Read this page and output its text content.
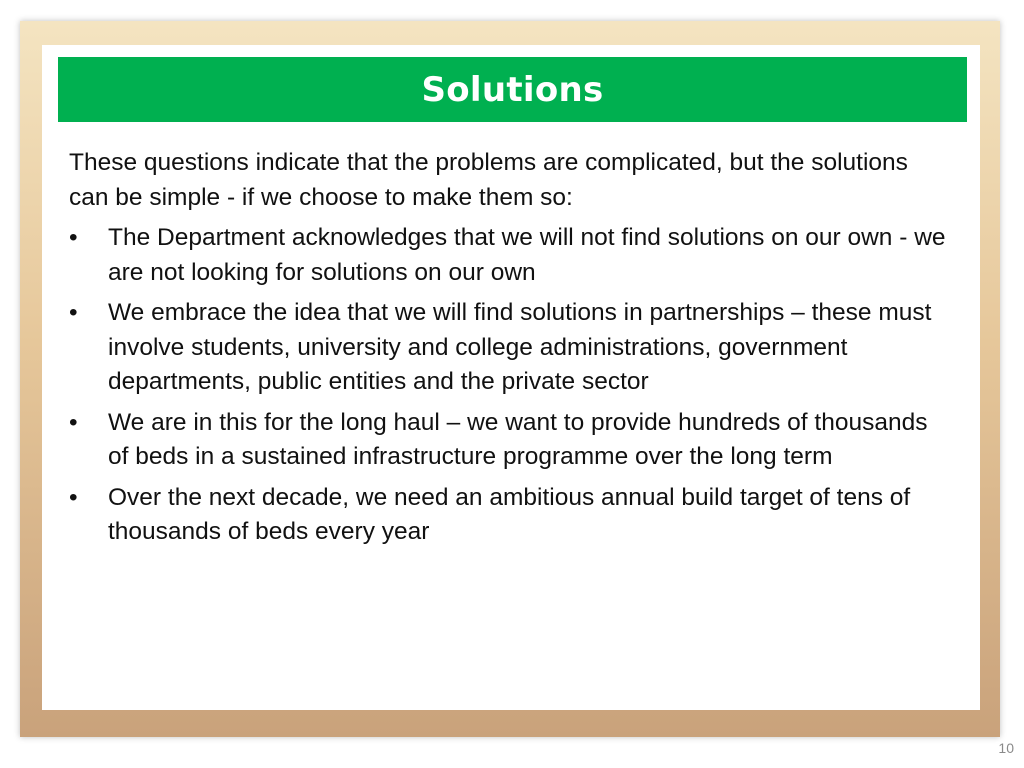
Solutions

These questions indicate that the problems are complicated, but the solutions can be simple - if we choose to make them so:

•	The Department acknowledges that we will not find solutions on our own - we are not looking for solutions on our own
•	We embrace the idea that we will find solutions in partnerships – these must involve students, university and college administrations, government departments, public entities and the private sector
•	We are in this for the long haul – we want to provide hundreds of thousands of beds in a sustained infrastructure programme over the long term
•	Over the next decade, we need an ambitious annual build target of tens of thousands of beds every year
10
